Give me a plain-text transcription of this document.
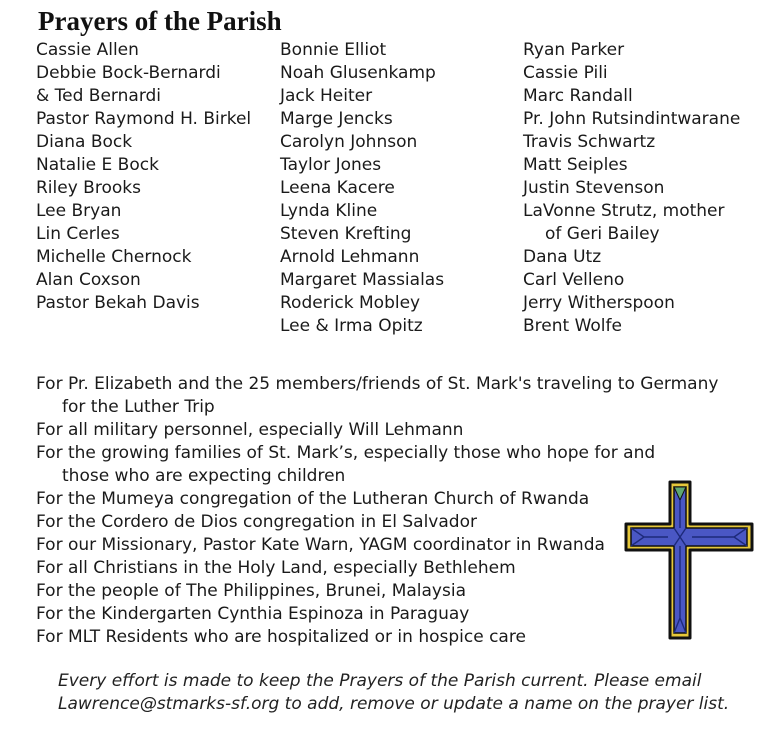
Prayers of the Parish
Cassie Allen
Debbie Bock-Bernardi
& Ted Bernardi
Pastor Raymond H. Birkel
Diana Bock
Natalie E Bock
Riley Brooks
Lee Bryan
Lin Cerles
Michelle Chernock
Alan Coxson
Pastor Bekah Davis
Bonnie Elliot
Noah Glusenkamp
Jack Heiter
Marge Jencks
Carolyn Johnson
Taylor Jones
Leena Kacere
Lynda Kline
Steven Krefting
Arnold Lehmann
Margaret Massialas
Roderick Mobley
Lee & Irma Opitz
Ryan Parker
Cassie Pili
Marc Randall
Pr. John Rutsindintwarane
Travis Schwartz
Matt Seiples
Justin Stevenson
LaVonne Strutz, mother
of Geri Bailey
Dana Utz
Carl Velleno
Jerry Witherspoon
Brent Wolfe
For Pr. Elizabeth and the 25 members/friends of St. Mark's traveling to Germany for the Luther Trip
For all military personnel, especially Will Lehmann
For the growing families of St. Mark’s, especially those who hope for and those who are expecting children
For the Mumeya congregation of the Lutheran Church of Rwanda
For the Cordero de Dios congregation in El Salvador
For our Missionary, Pastor Kate Warn, YAGM coordinator in Rwanda
For all Christians in the Holy Land, especially Bethlehem
For the people of The Philippines, Brunei, Malaysia
For the Kindergarten Cynthia Espinoza in Paraguay
For MLT Residents who are hospitalized or in hospice care
Every effort is made to keep the Prayers of the Parish current. Please email
Lawrence@stmarks-sf.org to add, remove or update a name on the prayer list.
